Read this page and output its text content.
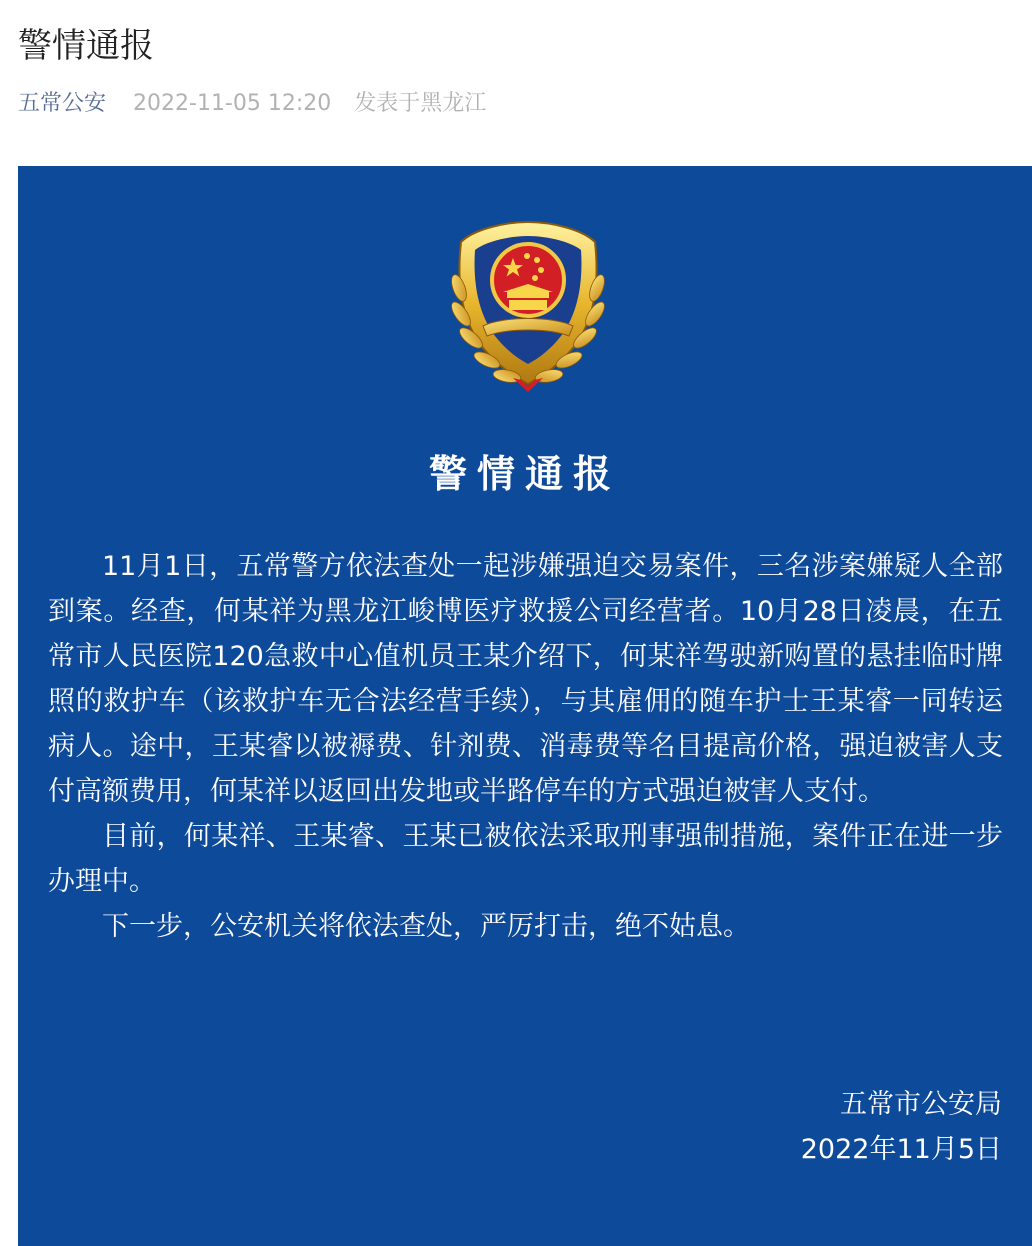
警情通报
五常公安 2022-11-05 12:20 发表于黑龙江
警情通报

11月1日，五常警方依法查处一起涉嫌强迫交易案件，三名涉案嫌疑人全部到案。经查，何某祥为黑龙江峻博医疗救援公司经营者。10月28日凌晨，在五常市人民医院120急救中心值机员王某介绍下，何某祥驾驶新购置的悬挂临时牌照的救护车（该救护车无合法经营手续），与其雇佣的随车护士王某睿一同转运病人。途中，王某睿以被褥费、针剂费、消毒费等名目提高价格，强迫被害人支付高额费用，何某祥以返回出发地或半路停车的方式强迫被害人支付。

目前，何某祥、王某睿、王某已被依法采取刑事强制措施，案件正在进一步办理中。

下一步，公安机关将依法查处，严厉打击，绝不姑息。

五常市公安局
2022年11月5日
